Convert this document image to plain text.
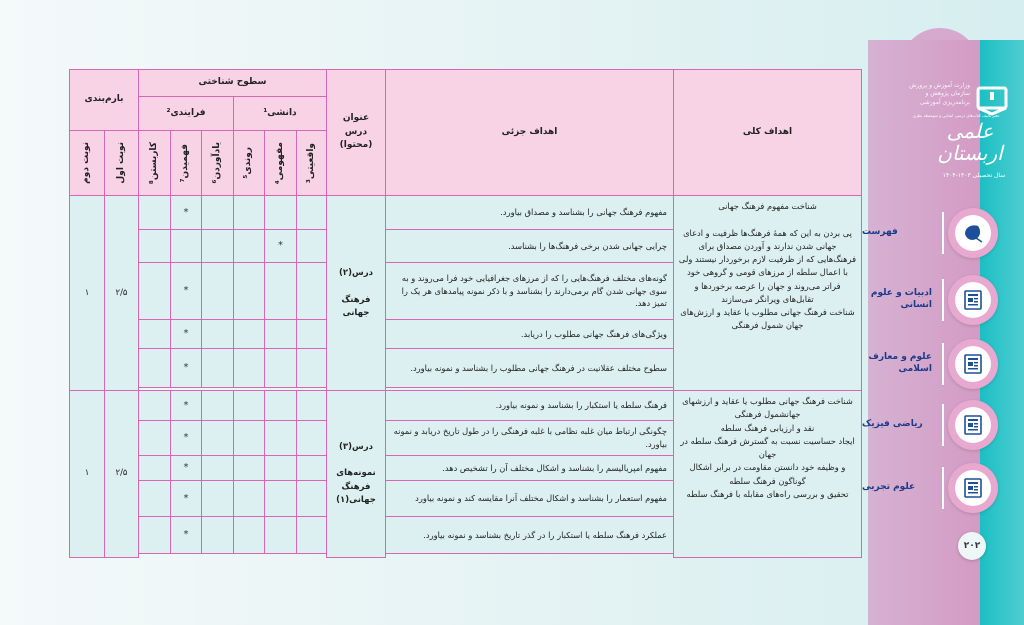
اهداف کلی
اهداف جزئی
عنوان درس (محتوا)
سطوح شناختی
دانشی¹
فرایندی²
بارم‌بندی
واقعیتی³
مفهومی⁴
روندی⁵
یادآوردن⁶
فهمیدن⁷
کاربستن⁸
نوبت اول
نوبت دوم
شناخت مفهوم فرهنگ جهانی

پی بردن به این که همهٔ فرهنگ‌ها ظرفیت و ادعای جهانی شدن ندارند و آوردن مصداق برای فرهنگ‌هایی که از ظرفیت لازم برخوردار نیستند ولی با اعمال سلطه از مرزهای قومی و گروهی خود فراتر می‌روند و جهان را عرصه برخوردها و تقابل‌های ویرانگر می‌سازند
شناخت فرهنگ جهانی مطلوب یا عقاید و ارزش‌های جهان شمول فرهنگی
درس(۲)

فرهنگ
جهانی
۲/۵
۱
مفهوم فرهنگ جهانی را بشناسد و مصداق بیاورد.
*
چرایی جهانی شدن برخی فرهنگ‌ها را بشناسد.
*
گونه‌های مختلف فرهنگ‌هایی را که از مرزهای جغرافیایی خود فرا می‌روند و به سوی جهانی شدن گام برمی‌دارند را بشناسد و با ذکر نمونه پیامدهای هر یک را تمیز دهد.
*
ویژگی‌های فرهنگ جهانی مطلوب را دریابد.
*
سطوح مختلف عقلانیت در فرهنگ جهانی مطلوب را بشناسد و نمونه بیاورد.
*
شناخت فرهنگ جهانی مطلوب یا عقاید و ارزشهای جهانشمول فرهنگی
نقد و ارزیابی فرهنگ سلطه
ایجاد حساسیت نسبت به گسترش فرهنگ سلطه در جهان
و وظیفه خود دانستن مقاومت در برابر اشکال گوناگون فرهنگ سلطه
تحقیق و بررسی راه‌های مقابله با فرهنگ سلطه
درس(۳)

نمونه‌های
فرهنگ
جهانی(۱)
۲/۵
۱
فرهنگ سلطه یا استکبار را بشناسد و نمونه بیاورد.
*
چگونگی ارتباط میان غلبه نظامی با غلبه فرهنگی را در طول تاریخ دریابد و نمونه بیاورد.
*
مفهوم امپریالیسم را بشناسد و اشکال مختلف آن را تشخیص دهد.
*
مفهوم استعمار را بشناسد و اشکال مختلف آنرا مقایسه کند و نمونه بیاورد
*
عملکرد فرهنگ سلطه یا استکبار را در گذر تاریخ بشناسد و نمونه بیاورد.
*
وزارت آموزش و پرورش
سازمان پژوهش و برنامه‌ریزی آموزشی
دفتر تألیف کتاب‌های درسی ابتدایی و متوسطه نظری
علمی اربستان
سال تحصیلی ۱۴۰۳-۱۴۰۴
فهرست
ادبیات و علوم انسانی
علوم و معارف اسلامی
ریاضی فیزیک
علوم تجربی
۲۰۲
